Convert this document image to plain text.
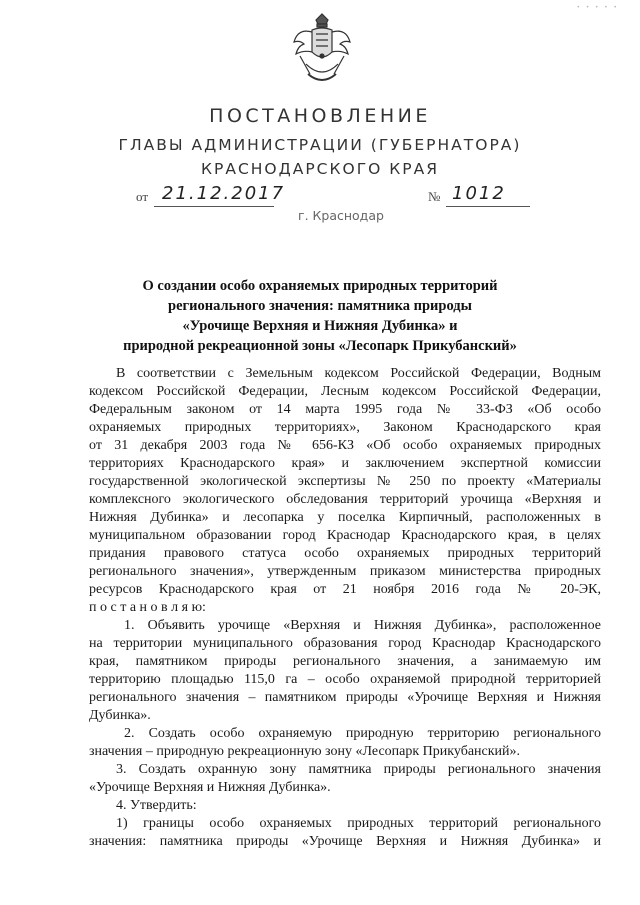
• • • • •
ПОСТАНОВЛЕНИЕ
ГЛАВЫ АДМИНИСТРАЦИИ (ГУБЕРНАТОРА)
КРАСНОДАРСКОГО КРАЯ
от 21.12.2017	№ 1012
г. Краснодар
О создании особо охраняемых природных территорий
регионального значения: памятника природы
«Урочище Верхняя и Нижняя Дубинка» и
природной рекреационной зоны «Лесопарк Прикубанский»
В соответствии с Земельным кодексом Российской Федерации, Водным
кодексом Российской Федерации, Лесным кодексом Российской Федерации,
Федеральным законом от 14 марта 1995 года № 33-ФЗ «Об особо
охраняемых природных территориях», Законом Краснодарского края
от 31 декабря 2003 года № 656-КЗ «Об особо охраняемых природных
территориях Краснодарского края» и заключением экспертной комиссии
государственной экологической экспертизы № 250 по проекту «Материалы
комплексного экологического обследования территорий урочища «Верхняя и
Нижняя Дубинка» и лесопарка у поселка Кирпичный, расположенных в
муниципальном образовании город Краснодар Краснодарского края, в целях
придания правового статуса особо охраняемых природных территорий
регионального значения», утвержденным приказом министерства природных
ресурсов Краснодарского края от 21 ноября 2016 года № 20-ЭК,
п о с т а н о в л я ю:
1. Объявить урочище «Верхняя и Нижняя Дубинка», расположенное
на территории муниципального образования город Краснодар Краснодарского
края, памятником природы регионального значения, а занимаемую им
территорию площадью 115,0 га – особо охраняемой природной территорией
регионального значения – памятником природы «Урочище Верхняя и Нижняя
Дубинка».
2. Создать особо охраняемую природную территорию регионального
значения – природную рекреационную зону «Лесопарк Прикубанский».
3. Создать охранную зону памятника природы регионального значения
«Урочище Верхняя и Нижняя Дубинка».
4. Утвердить:
1) границы особо охраняемых природных территорий регионального
значения: памятника природы «Урочище Верхняя и Нижняя Дубинка» и
